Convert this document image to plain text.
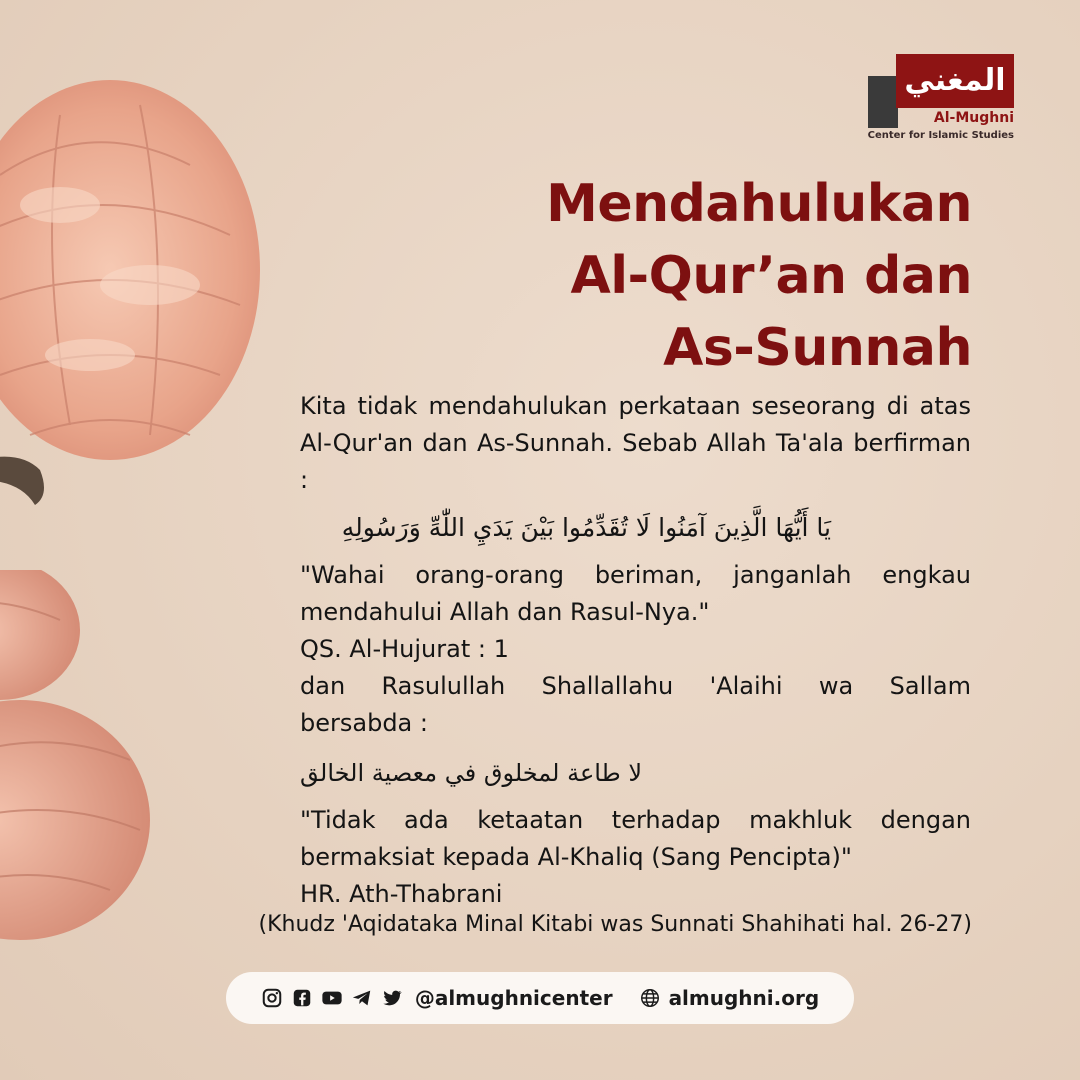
المغني
Al-Mughni
Center for Islamic Studies
Mendahulukan
Al-Qur’an dan
As-Sunnah
Kita tidak mendahulukan perkataan seseorang di atas Al-Qur'an dan As-Sunnah. Sebab Allah Ta'ala berfirman :
يَا أَيُّهَا الَّذِينَ آمَنُوا لَا تُقَدِّمُوا بَيْنَ يَدَيِ اللّٰهِّ وَرَسُولِهِ
"Wahai orang-orang beriman, janganlah engkau mendahului Allah dan Rasul-Nya."
QS. Al-Hujurat : 1
dan Rasulullah Shallallahu 'Alaihi wa Sallam
bersabda :
لا طاعة لمخلوق في معصية الخالق
"Tidak ada ketaatan terhadap makhluk dengan bermaksiat kepada Al-Khaliq (Sang Pencipta)"
HR. Ath-Thabrani
(Khudz 'Aqidataka Minal Kitabi was Sunnati Shahihati hal. 26-27)
@almughnicenter	almughni.org
